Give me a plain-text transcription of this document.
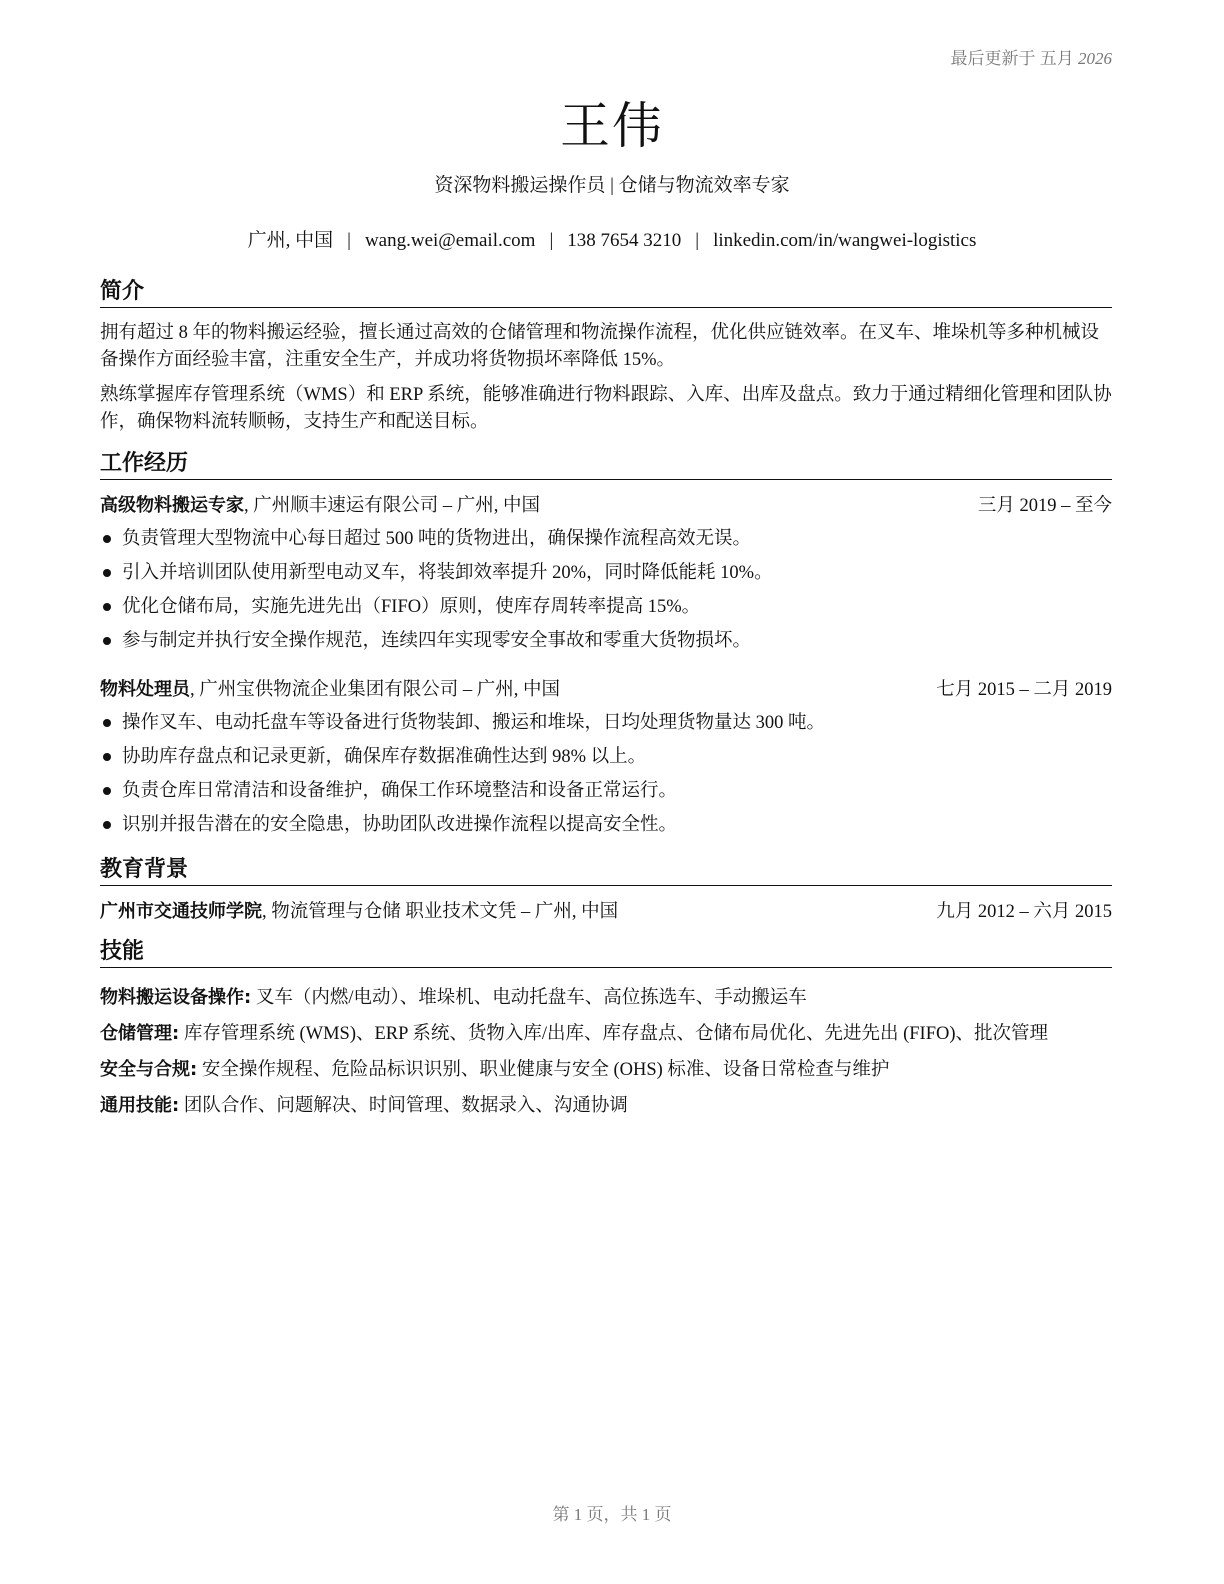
最后更新于 五月 2026
王伟
资深物料搬运操作员 | 仓储与物流效率专家
广州, 中国 | wang.wei@email.com | 138 7654 3210 | linkedin.com/in/wangwei-logistics
简介

拥有超过 8 年的物料搬运经验，擅长通过高效的仓储管理和物流操作流程，优化供应链效率。在叉车、堆垛机等多种机械设备操作方面经验丰富，注重安全生产，并成功将货物损坏率降低 15%。

熟练掌握库存管理系统（WMS）和 ERP 系统，能够准确进行物料跟踪、入库、出库及盘点。致力于通过精细化管理和团队协作，确保物料流转顺畅，支持生产和配送目标。

工作经历
高级物料搬运专家, 广州顺丰速运有限公司 – 广州, 中国	三月 2019 – 至今
负责管理大型物流中心每日超过 500 吨的货物进出，确保操作流程高效无误。
引入并培训团队使用新型电动叉车，将装卸效率提升 20%，同时降低能耗 10%。
优化仓储布局，实施先进先出（FIFO）原则，使库存周转率提高 15%。
参与制定并执行安全操作规范，连续四年实现零安全事故和零重大货物损坏。
物料处理员, 广州宝供物流企业集团有限公司 – 广州, 中国	七月 2015 – 二月 2019
操作叉车、电动托盘车等设备进行货物装卸、搬运和堆垛，日均处理货物量达 300 吨。
协助库存盘点和记录更新，确保库存数据准确性达到 98% 以上。
负责仓库日常清洁和设备维护，确保工作环境整洁和设备正常运行。
识别并报告潜在的安全隐患，协助团队改进操作流程以提高安全性。
教育背景
广州市交通技师学院, 物流管理与仓储 职业技术文凭 – 广州, 中国	九月 2012 – 六月 2015
技能
物料搬运设备操作: 叉车（内燃/电动）、堆垛机、电动托盘车、高位拣选车、手动搬运车
仓储管理: 库存管理系统 (WMS)、ERP 系统、货物入库/出库、库存盘点、仓储布局优化、先进先出 (FIFO)、批次管理
安全与合规: 安全操作规程、危险品标识识别、职业健康与安全 (OHS) 标准、设备日常检查与维护
通用技能: 团队合作、问题解决、时间管理、数据录入、沟通协调
第 1 页，共 1 页
